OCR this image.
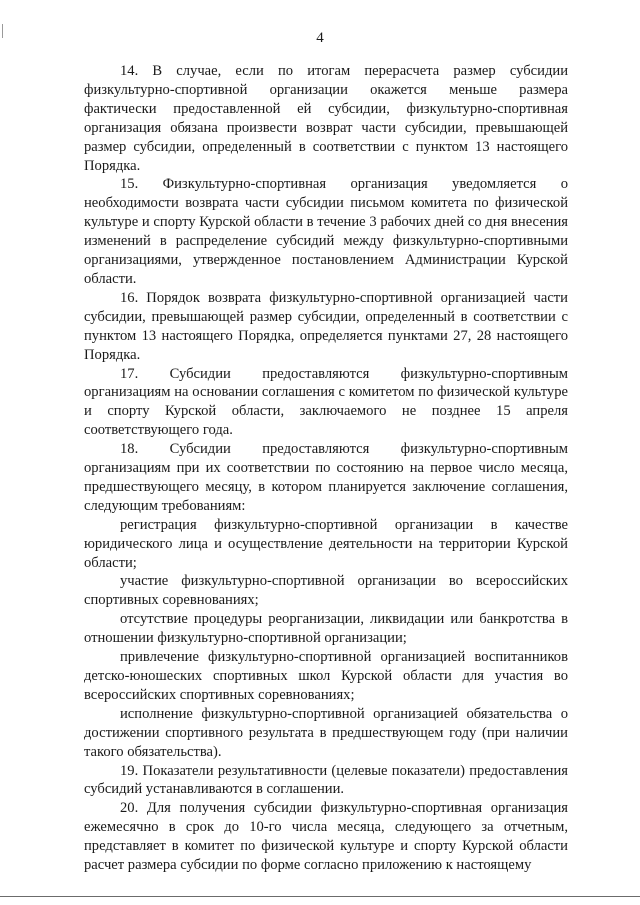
4

14. В случае, если по итогам перерасчета размер субсидии физкультурно-спортивной организации окажется меньше размера фактически предоставленной ей субсидии, физкультурно-спортивная организация обязана произвести возврат части субсидии, превышающей размер субсидии, определенный в соответствии с пунктом 13 настоящего Порядка.

15. Физкультурно-спортивная организация уведомляется о необходимости возврата части субсидии письмом комитета по физической культуре и спорту Курской области в течение 3 рабочих дней со дня внесения изменений в распределение субсидий между физкультурно-спортивными организациями, утвержденное постановлением Администрации Курской области.

16. Порядок возврата физкультурно-спортивной организацией части субсидии, превышающей размер субсидии, определенный в соответствии с пунктом 13 настоящего Порядка, определяется пунктами 27, 28 настоящего Порядка.

17. Субсидии предоставляются физкультурно-спортивным организациям на основании соглашения с комитетом по физической культуре и спорту Курской области, заключаемого не позднее 15 апреля соответствующего года.

18. Субсидии предоставляются физкультурно-спортивным организациям при их соответствии по состоянию на первое число месяца, предшествующего месяцу, в котором планируется заключение соглашения, следующим требованиям:

регистрация физкультурно-спортивной организации в качестве юридического лица и осуществление деятельности на территории Курской области;

участие физкультурно-спортивной организации во всероссийских спортивных соревнованиях;

отсутствие процедуры реорганизации, ликвидации или банкротства в отношении физкультурно-спортивной организации;

привлечение физкультурно-спортивной организацией воспитанников детско-юношеских спортивных школ Курской области для участия во всероссийских спортивных соревнованиях;

исполнение физкультурно-спортивной организацией обязательства о достижении спортивного результата в предшествующем году (при наличии такого обязательства).

19. Показатели результативности (целевые показатели) предоставления субсидий устанавливаются в соглашении.

20. Для получения субсидии физкультурно-спортивная организация ежемесячно в срок до 10-го числа месяца, следующего за отчетным, представляет в комитет по физической культуре и спорту Курской области расчет размера субсидии по форме согласно приложению к настоящему
